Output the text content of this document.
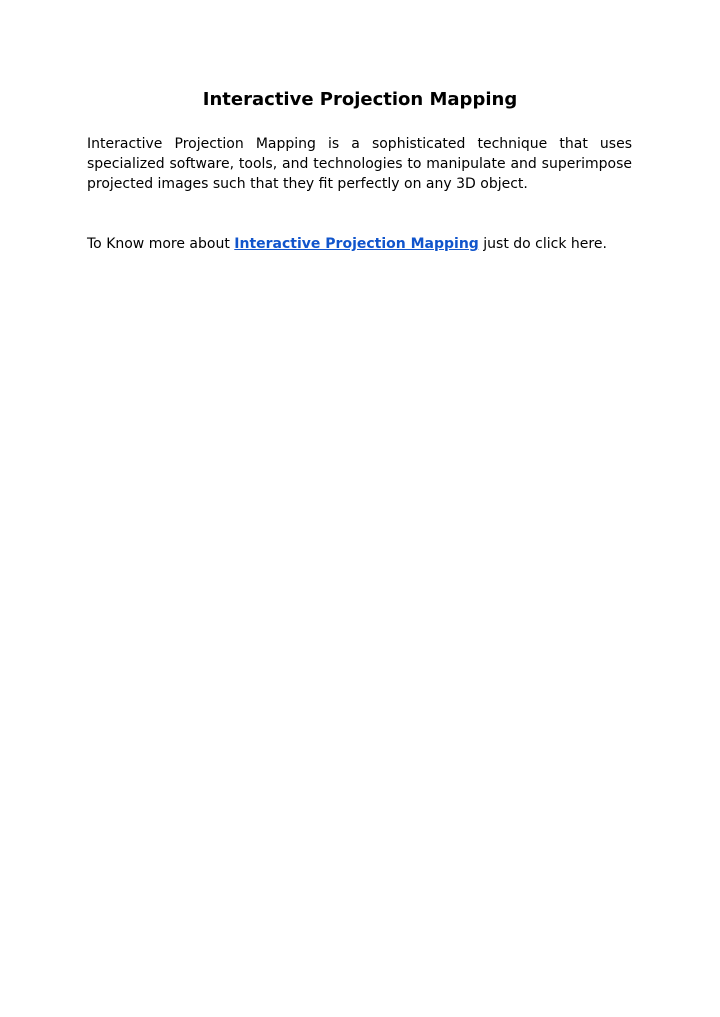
Interactive Projection Mapping

Interactive Projection Mapping is a sophisticated technique that uses specialized software, tools, and technologies to manipulate and superimpose projected images such that they fit perfectly on any 3D object.

To Know more about Interactive Projection Mapping just do click here.
